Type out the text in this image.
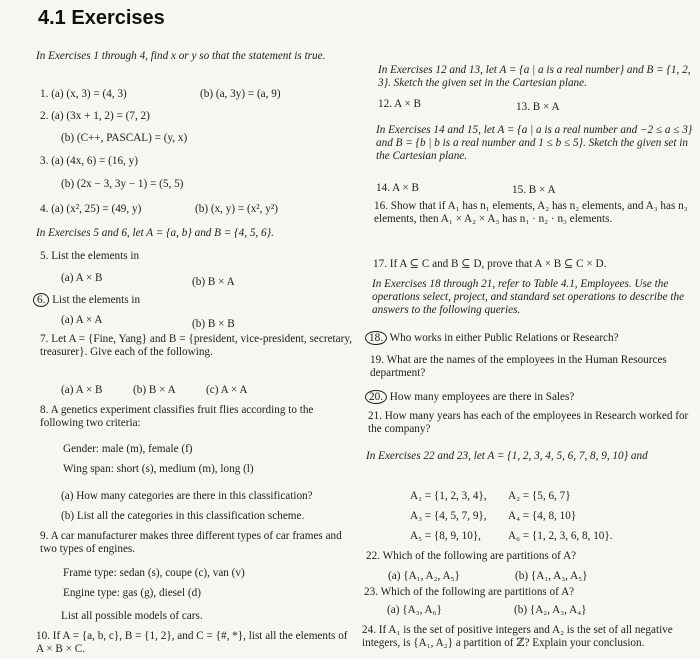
4.1 Exercises
In Exercises 1 through 4, find x or y so that the statement is true.
1. (a) (x, 3) = (4, 3)	(b) (a, 3y) = (a, 9)
2. (a) (3x + 1, 2) = (7, 2)
(b) (C++, PASCAL) = (y, x)
3. (a) (4x, 6) = (16, y)
(b) (2x − 3, 3y − 1) = (5, 5)
4. (a) (x², 25) = (49, y)	(b) (x, y) = (x², y²)
In Exercises 5 and 6, let A = {a, b} and B = {4, 5, 6}.
5. List the elements in
(a) A × B	(b) B × A
6. List the elements in
(a) A × A	(b) B × B
7. Let A = {Fine, Yang} and B = {president, vice-president, secretary, treasurer}. Give each of the following.
(a) A × B	(b) B × A	(c) A × A
8. A genetics experiment classifies fruit flies according to the following two criteria:
Gender: male (m), female (f)
Wing span: short (s), medium (m), long (l)
(a) How many categories are there in this classification?
(b) List all the categories in this classification scheme.
9. A car manufacturer makes three different types of car frames and two types of engines.
Frame type: sedan (s), coupe (c), van (v)
Engine type: gas (g), diesel (d)
List all possible models of cars.
10. If A = {a, b, c}, B = {1, 2}, and C = {#, *}, list all the elements of A × B × C.
In Exercises 12 and 13, let A = {a | a is a real number} and B = {1, 2, 3}. Sketch the given set in the Cartesian plane.
12. A × B	13. B × A
In Exercises 14 and 15, let A = {a | a is a real number and −2 ≤ a ≤ 3} and B = {b | b is a real number and 1 ≤ b ≤ 5}. Sketch the given set in the Cartesian plane.
14. A × B	15. B × A
16. Show that if A₁ has n₁ elements, A₂ has n₂ elements, and A₃ has n₃ elements, then A₁ × A₂ × A₃ has n₁ · n₂ · n₃ elements.
17. If A ⊆ C and B ⊆ D, prove that A × B ⊆ C × D.
In Exercises 18 through 21, refer to Table 4.1, Employees. Use the operations select, project, and standard set operations to describe the answers to the following queries.
18. Who works in either Public Relations or Research?
19. What are the names of the employees in the Human Resources department?
20. How many employees are there in Sales?
21. How many years has each of the employees in Research worked for the company?
In Exercises 22 and 23, let A = {1, 2, 3, 4, 5, 6, 7, 8, 9, 10} and
A₁ = {1, 2, 3, 4}, A₂ = {5, 6, 7}
A₃ = {4, 5, 7, 9}, A₄ = {4, 8, 10}
A₅ = {8, 9, 10}, A₆ = {1, 2, 3, 6, 8, 10}.
22. Which of the following are partitions of A?
(a) {A₁, A₂, A₅}	(b) {A₁, A₃, A₅}
23. Which of the following are partitions of A?
(a) {A₃, A₆}	(b) {A₂, A₃, A₄}
24. If A₁ is the set of positive integers and A₂ is the set of all negative integers, is {A₁, A₂} a partition of ℤ? Explain your conclusion.
